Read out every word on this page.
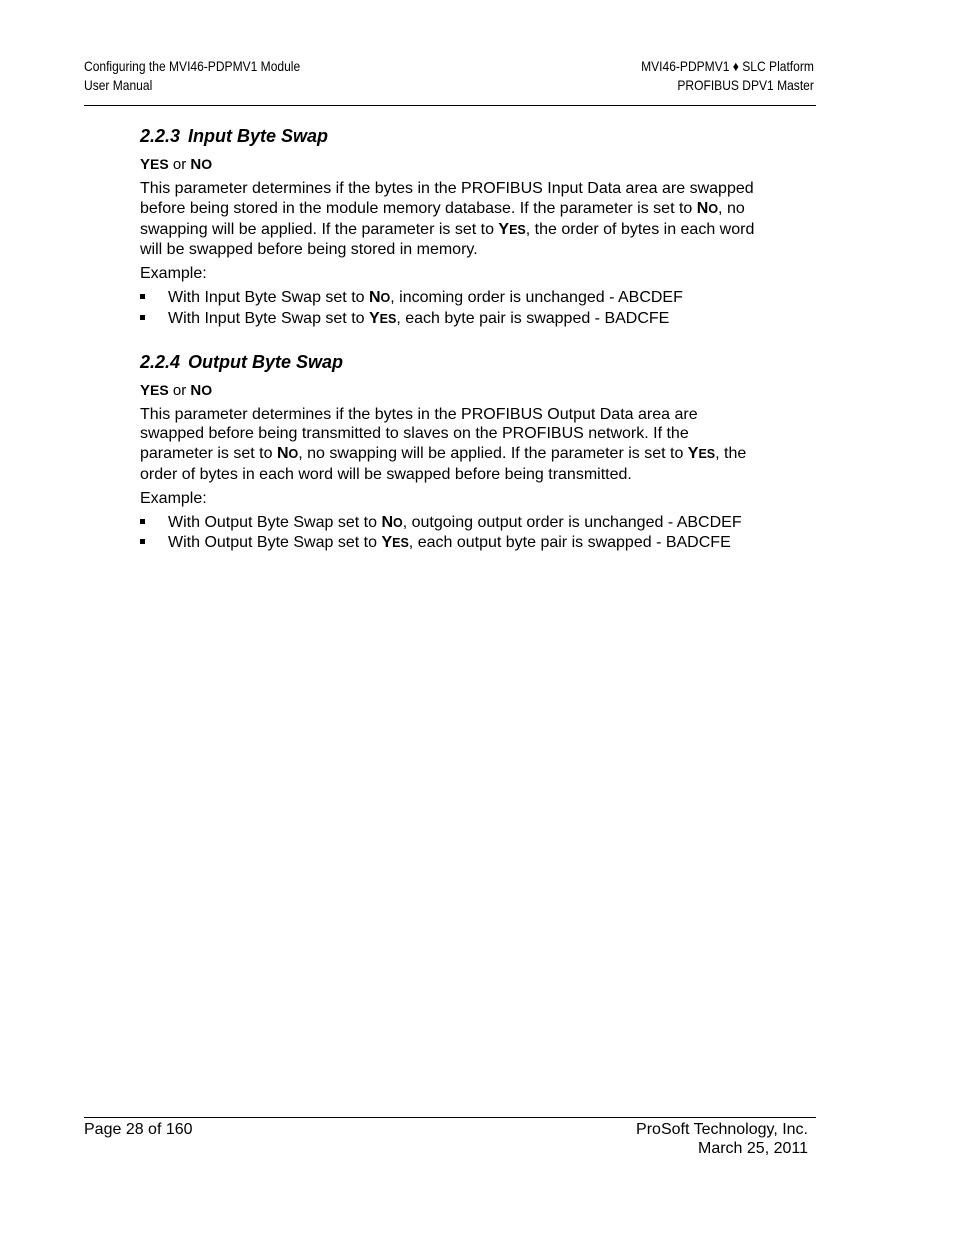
Configuring the MVI46-PDPMV1 Module
User Manual
MVI46-PDPMV1 ♦ SLC Platform
PROFIBUS DPV1 Master
2.2.3 Input Byte Swap
YES or NO

This parameter determines if the bytes in the PROFIBUS Input Data area are swapped before being stored in the module memory database. If the parameter is set to NO, no swapping will be applied. If the parameter is set to YES, the order of bytes in each word will be swapped before being stored in memory.

Example:

With Input Byte Swap set to NO, incoming order is unchanged - ABCDEF
With Input Byte Swap set to YES, each byte pair is swapped - BADCFE
2.2.4 Output Byte Swap
YES or NO

This parameter determines if the bytes in the PROFIBUS Output Data area are swapped before being transmitted to slaves on the PROFIBUS network. If the parameter is set to NO, no swapping will be applied. If the parameter is set to YES, the order of bytes in each word will be swapped before being transmitted.

Example:

With Output Byte Swap set to NO, outgoing output order is unchanged - ABCDEF
With Output Byte Swap set to YES, each output byte pair is swapped - BADCFE
Page 28 of 160	ProSoft Technology, Inc.
March 25, 2011
